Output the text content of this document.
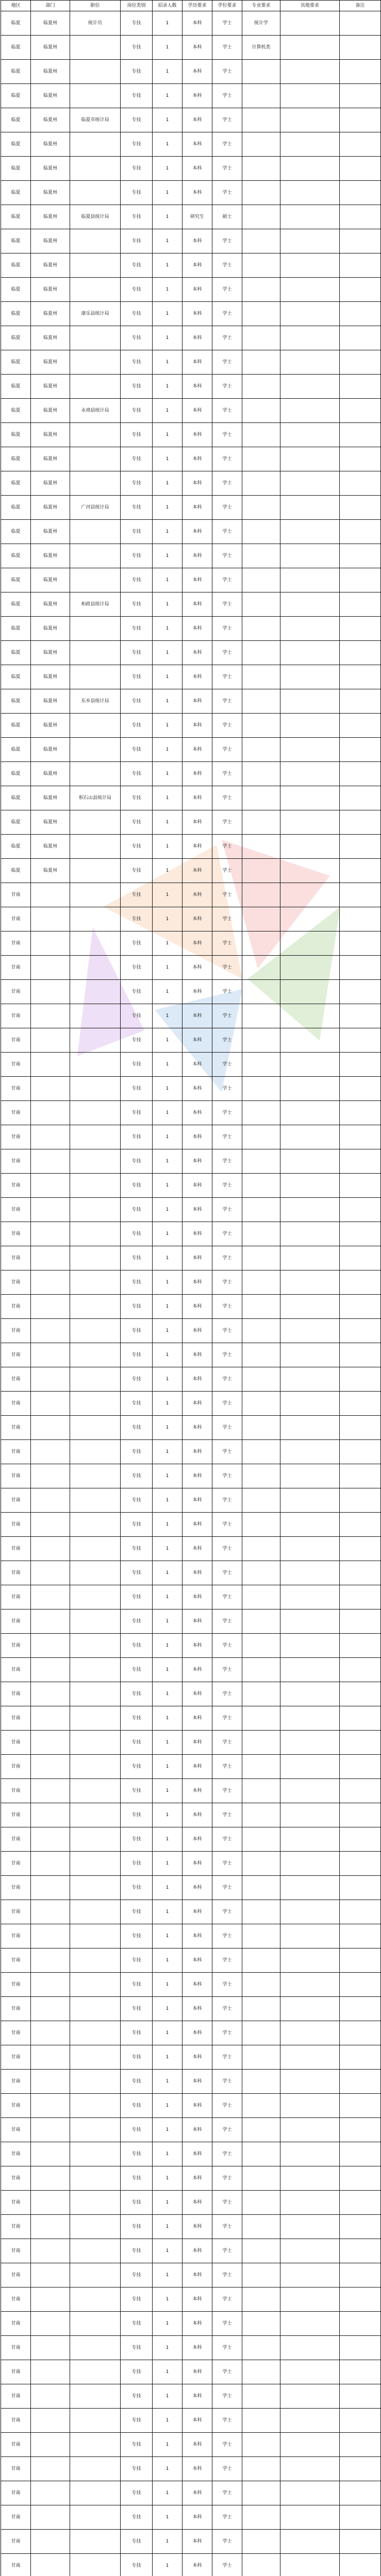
地区	部门	职位	岗位类别	招录人数	学历要求	学位要求	专业要求	其他要求	备注
临夏	临夏州	统计员	专技	1	本科	学士	统计学		
临夏	临夏州		专技	1	本科	学士	计算机类		
临夏	临夏州		专技	1	本科	学士			
临夏	临夏州		专技	1	本科	学士			
临夏	临夏州	临夏市统计局	专技	1	本科	学士			
临夏	临夏州		专技	1	本科	学士			
临夏	临夏州		专技	1	本科	学士			
临夏	临夏州		专技	1	本科	学士			
临夏	临夏州	临夏县统计局	专技	1	研究生	硕士			
临夏	临夏州		专技	1	本科	学士			
临夏	临夏州		专技	1	本科	学士			
临夏	临夏州		专技	1	本科	学士			
临夏	临夏州	康乐县统计局	专技	1	本科	学士			
临夏	临夏州		专技	1	本科	学士			
临夏	临夏州		专技	1	本科	学士			
临夏	临夏州		专技	1	本科	学士			
临夏	临夏州	永靖县统计局	专技	1	本科	学士			
临夏	临夏州		专技	1	本科	学士			
临夏	临夏州		专技	1	本科	学士			
临夏	临夏州		专技	1	本科	学士			
临夏	临夏州	广河县统计局	专技	1	本科	学士			
临夏	临夏州		专技	1	本科	学士			
临夏	临夏州		专技	1	本科	学士			
临夏	临夏州		专技	1	本科	学士			
临夏	临夏州	和政县统计局	专技	1	本科	学士			
临夏	临夏州		专技	1	本科	学士			
临夏	临夏州		专技	1	本科	学士			
临夏	临夏州		专技	1	本科	学士			
临夏	临夏州	东乡县统计局	专技	1	本科	学士			
临夏	临夏州		专技	1	本科	学士			
临夏	临夏州		专技	1	本科	学士			
临夏	临夏州		专技	1	本科	学士			
临夏	临夏州	积石山县统计局	专技	1	本科	学士			
临夏	临夏州		专技	1	本科	学士			
临夏	临夏州		专技	1	本科	学士			
临夏	临夏州		专技	1	本科	学士			
甘南			专技	1	本科	学士			
甘南			专技	1	本科	学士			
甘南			专技	1	本科	学士			
甘南			专技	1	本科	学士			
甘南			专技	1	本科	学士			
甘南			专技	1	本科	学士			
甘南			专技	1	本科	学士			
甘南			专技	1	本科	学士			
甘南			专技	1	本科	学士			
甘南			专技	1	本科	学士			
甘南			专技	1	本科	学士			
甘南			专技	1	本科	学士			
甘南			专技	1	本科	学士			
甘南			专技	1	本科	学士			
甘南			专技	1	本科	学士			
甘南			专技	1	本科	学士			
甘南			专技	1	本科	学士			
甘南			专技	1	本科	学士			
甘南			专技	1	本科	学士			
甘南			专技	1	本科	学士			
甘南			专技	1	本科	学士			
甘南			专技	1	本科	学士			
甘南			专技	1	本科	学士			
甘南			专技	1	本科	学士			
甘南			专技	1	本科	学士			
甘南			专技	1	本科	学士			
甘南			专技	1	本科	学士			
甘南			专技	1	本科	学士			
甘南			专技	1	本科	学士			
甘南			专技	1	本科	学士			
甘南			专技	1	本科	学士			
甘南			专技	1	本科	学士			
甘南			专技	1	本科	学士			
甘南			专技	1	本科	学士			
甘南			专技	1	本科	学士			
甘南			专技	1	本科	学士			
甘南			专技	1	本科	学士			
甘南			专技	1	本科	学士			
甘南			专技	1	本科	学士			
甘南			专技	1	本科	学士			
甘南			专技	1	本科	学士			
甘南			专技	1	本科	学士			
甘南			专技	1	本科	学士			
甘南			专技	1	本科	学士			
甘南			专技	1	本科	学士			
甘南			专技	1	本科	学士			
甘南			专技	1	本科	学士			
甘南			专技	1	本科	学士			
甘南			专技	1	本科	学士			
甘南			专技	1	本科	学士			
甘南			专技	1	本科	学士			
甘南			专技	1	本科	学士			
甘南			专技	1	本科	学士			
甘南			专技	1	本科	学士			
甘南			专技	1	本科	学士			
甘南			专技	1	本科	学士			
甘南			专技	1	本科	学士			
甘南			专技	1	本科	学士			
甘南			专技	1	本科	学士			
甘南			专技	1	本科	学士			
甘南			专技	1	本科	学士			
甘南			专技	1	本科	学士			
甘南			专技	1	本科	学士			
甘南			专技	1	本科	学士			
甘南			专技	1	本科	学士			
甘南			专技	1	本科	学士			
甘南			专技	1	本科	学士			
甘南			专技	1	本科	学士			
甘南			专技	1	本科	学士			
甘南			专技	1	本科	学士			
